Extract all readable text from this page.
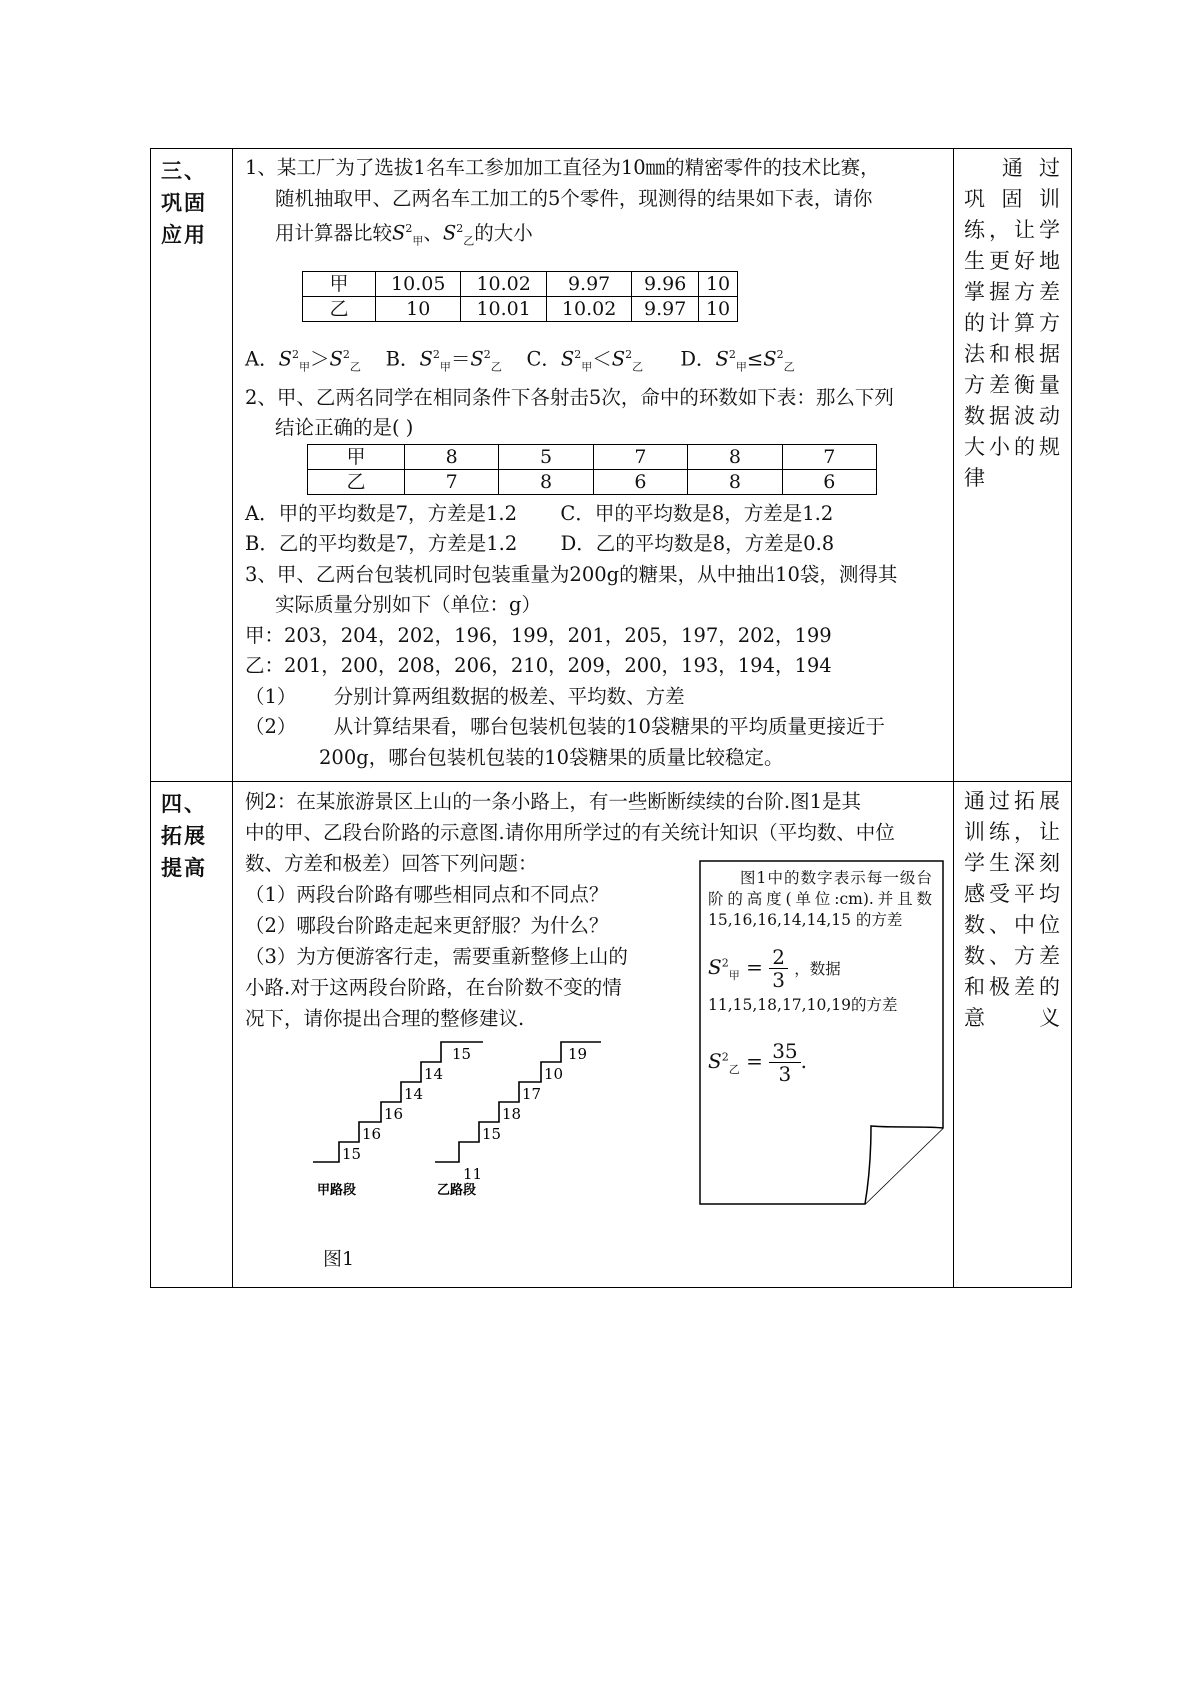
三、巩固应用

1、某工厂为了选拔1名车工参加加工直径为10㎜的精密零件的技术比赛，

随机抽取甲、乙两名车工加工的5个零件，现测得的结果如下表，请你

用计算器比较$S^2_甲$、$S^2_乙$的大小

甲	10.05	10.02	9.97	9.96	10
乙	10	10.01	10.02	9.97	10

A．$S^2_甲>S^2_乙$ B．$S^2_甲=S^2_乙$ C．$S^2_甲<S^2_乙$ D．$S^2_甲\le S^2_乙$

2、甲、乙两名同学在相同条件下各射击5次，命中的环数如下表：那么下列

结论正确的是( )

甲	8	5	7	8	7
乙	7	8	6	8	6

A．甲的平均数是7，方差是1.2 C．甲的平均数是8，方差是1.2

B．乙的平均数是7，方差是1.2 D．乙的平均数是8，方差是0.8

3、甲、乙两台包装机同时包装重量为200g的糖果，从中抽出10袋，测得其

实际质量分别如下（单位：g）

甲：203，204，202，196，199，201，205，197，202，199

乙：201，200，208，206，210，209，200，193，194，194

（1） 分别计算两组数据的极差、平均数、方差

（2） 从计算结果看，哪台包装机包装的10袋糖果的平均质量更接近于

200g，哪台包装机包装的10袋糖果的质量比较稳定。

通过巩固训练，让学生更好地掌握方差的计算方法和根据方差衡量数据波动大小的规律

四、拓展提高

例2：在某旅游景区上山的一条小路上，有一些断断续续的台阶.图1是其

中的甲、乙段台阶路的示意图.请你用所学过的有关统计知识（平均数、中位

数、方差和极差）回答下列问题：

（1）两段台阶路有哪些相同点和不同点？

（2）哪段台阶路走起来更舒服？为什么？

（3）为方便游客行走，需要重新整修上山的

小路.对于这两段台阶路，在台阶数不变的情

况下，请你提出合理的整修建议.

图1中的数字表示每一级台阶的高度(单位:cm).并且数15,16,16,14,14,15 的方差
$S^2_甲 = \frac{2}{3}$ ，数据11,15,18,17,10,19的方差
$S^2_乙 = \frac{35}{3}$ .
15
16
16
14
14
15
11
15
18
17
10
19
甲路段	乙路段
图1

通过拓展训练，让学生深刻感受平均数、中位数、方差和极差的意义
